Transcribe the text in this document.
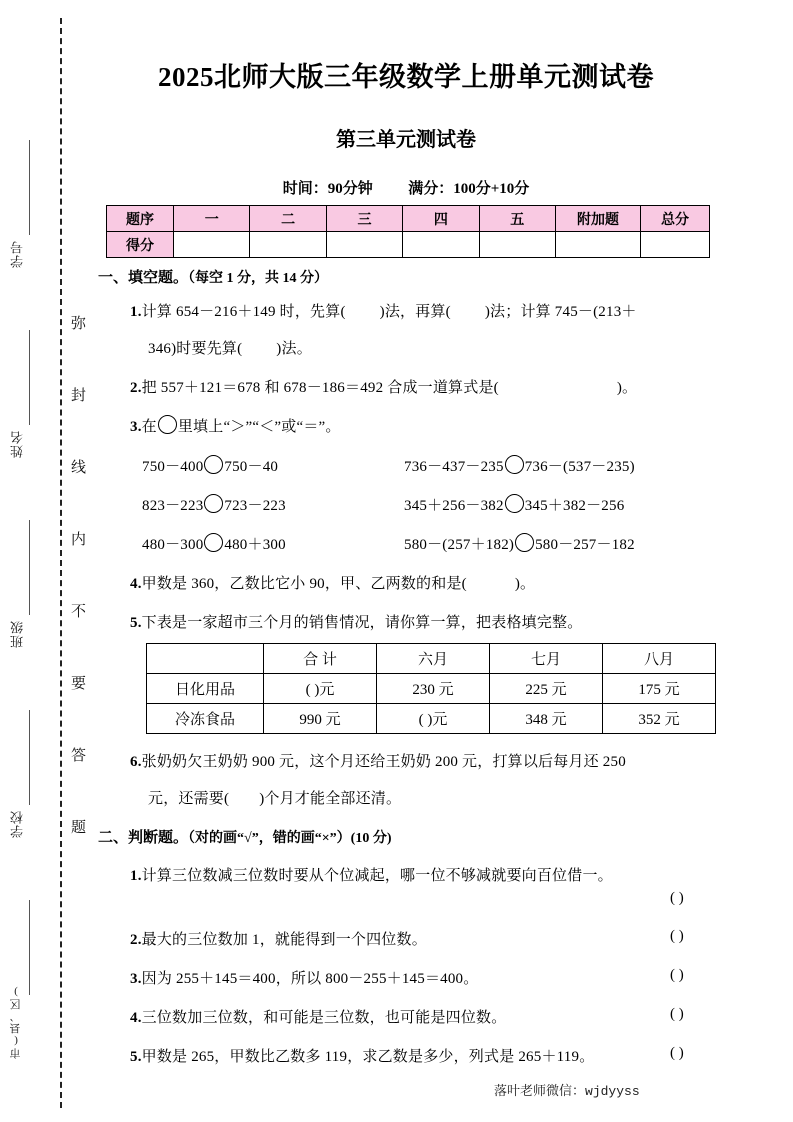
学号
姓名
班级
学校
市(县、区)
弥
封
线
内
不
要
答
题
2025北师大版三年级数学上册单元测试卷
第三单元测试卷
时间：90分钟 满分：100分+10分
题序	一	二	三	四	五	附加题	总分
得分							
一、填空题。（每空 1 分，共 14 分）
1.计算 654－216＋149 时，先算( )法，再算( )法；计算 745－(213＋
346)时要先算( )法。
2.把 557＋121＝678 和 678－186＝492 合成一道算式是(	)。
3.在 里填上“＞”“＜”或“＝”。
750－400 750－40	736－437－235 736－(537－235)
823－223 723－223	345＋256－382 345＋382－256
480－300 480＋300	580－(257＋182) 580－257－182
4.甲数是 360，乙数比它小 90，甲、乙两数的和是(	)。
5.下表是一家超市三个月的销售情况，请你算一算，把表格填完整。
	合 计	六月	七月	八月
日化用品	( )元	230 元	225 元	175 元
冷冻食品	990 元	( )元	348 元	352 元
6.张奶奶欠王奶奶 900 元，这个月还给王奶奶 200 元，打算以后每月还 250
元，还需要( )个月才能全部还清。
二、判断题。（对的画“√”，错的画“×”）(10 分)
1.计算三位数减三位数时要从个位减起，哪一位不够减就要向百位借一。
( )
2.最大的三位数加 1，就能得到一个四位数。	( )
3.因为 255＋145＝400，所以 800－255＋145＝400。	( )
4.三位数加三位数，和可能是三位数，也可能是四位数。	( )
5.甲数是 265，甲数比乙数多 119，求乙数是多少，列式是 265＋119。	( )
落叶老师微信：wjdyyss
